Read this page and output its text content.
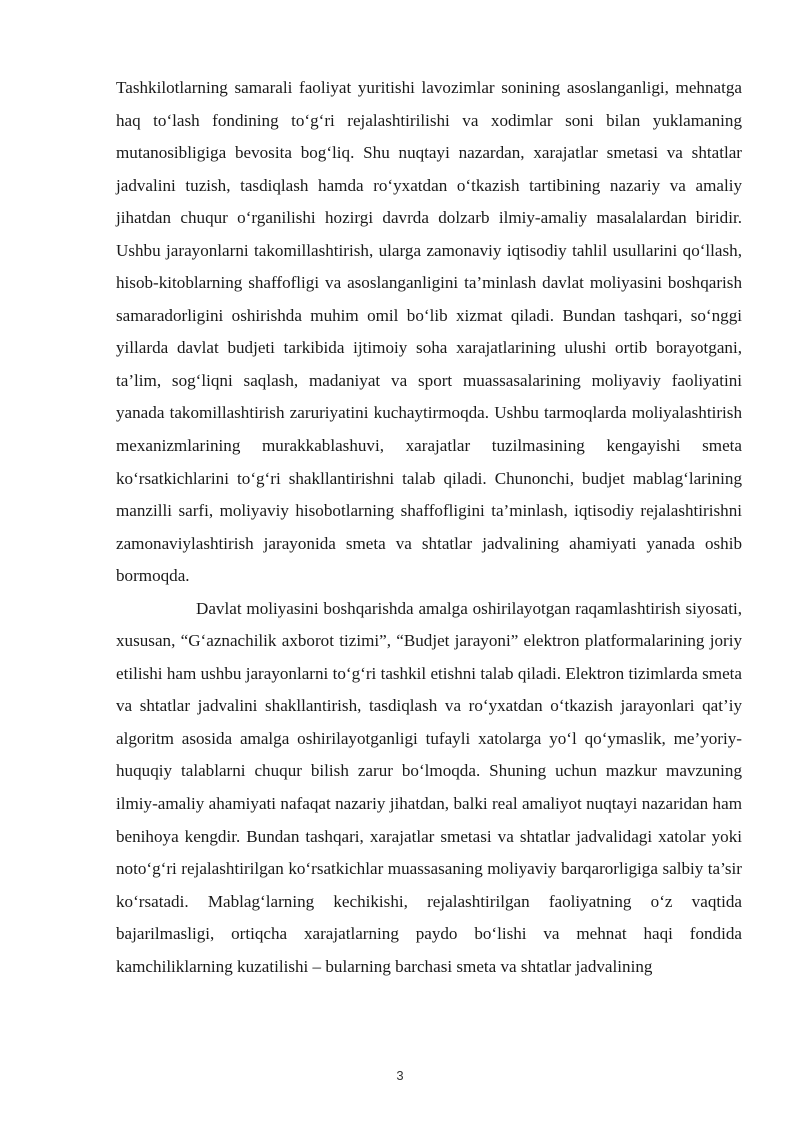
Tashkilotlarning samarali faoliyat yuritishi lavozimlar sonining asoslanganligi, mehnatga haq to‘lash fondining to‘g‘ri rejalashtirilishi va xodimlar soni bilan yuklamaning mutanosibligiga bevosita bog‘liq. Shu nuqtayi nazardan, xarajatlar smetasi va shtatlar jadvalini tuzish, tasdiqlash hamda ro‘yxatdan o‘tkazish tartibining nazariy va amaliy jihatdan chuqur o‘rganilishi hozirgi davrda dolzarb ilmiy-amaliy masalalardan biridir. Ushbu jarayonlarni takomillashtirish, ularga zamonaviy iqtisodiy tahlil usullarini qo‘llash, hisob-kitoblarning shaffofligi va asoslanganligini ta’minlash davlat moliyasini boshqarish samaradorligini oshirishda muhim omil bo‘lib xizmat qiladi. Bundan tashqari, so‘nggi yillarda davlat budjeti tarkibida ijtimoiy soha xarajatlarining ulushi ortib borayotgani, ta’lim, sog‘liqni saqlash, madaniyat va sport muassasalarining moliyaviy faoliyatini yanada takomillashtirish zaruriyatini kuchaytirmoqda. Ushbu tarmoqlarda moliyalashtirish mexanizmlarining murakkablashuvi, xarajatlar tuzilmasining kengayishi smeta ko‘rsatkichlarini to‘g‘ri shakllantirishni talab qiladi. Chunonchi, budjet mablag‘larining manzilli sarfi, moliyaviy hisobotlarning shaffofligini ta’minlash, iqtisodiy rejalashtirishni zamonaviylashtirish jarayonida smeta va shtatlar jadvalining ahamiyati yanada oshib bormoqda.

Davlat moliyasini boshqarishda amalga oshirilayotgan raqamlashtirish siyosati, xususan, “G‘aznachilik axborot tizimi”, “Budjet jarayoni” elektron platformalarining joriy etilishi ham ushbu jarayonlarni to‘g‘ri tashkil etishni talab qiladi. Elektron tizimlarda smeta va shtatlar jadvalini shakllantirish, tasdiqlash va ro‘yxatdan o‘tkazish jarayonlari qat’iy algoritm asosida amalga oshirilayotganligi tufayli xatolarga yo‘l qo‘ymaslik, me’yoriy-huquqiy talablarni chuqur bilish zarur bo‘lmoqda. Shuning uchun mazkur mavzuning ilmiy-amaliy ahamiyati nafaqat nazariy jihatdan, balki real amaliyot nuqtayi nazaridan ham benihoya kengdir. Bundan tashqari, xarajatlar smetasi va shtatlar jadvalidagi xatolar yoki noto‘g‘ri rejalashtirilgan ko‘rsatkichlar muassasaning moliyaviy barqarorligiga salbiy ta’sir ko‘rsatadi. Mablag‘larning kechikishi, rejalashtirilgan faoliyatning o‘z vaqtida bajarilmasligi, ortiqcha xarajatlarning paydo bo‘lishi va mehnat haqi fondida kamchiliklarning kuzatilishi – bularning barchasi smeta va shtatlar jadvalining

3
